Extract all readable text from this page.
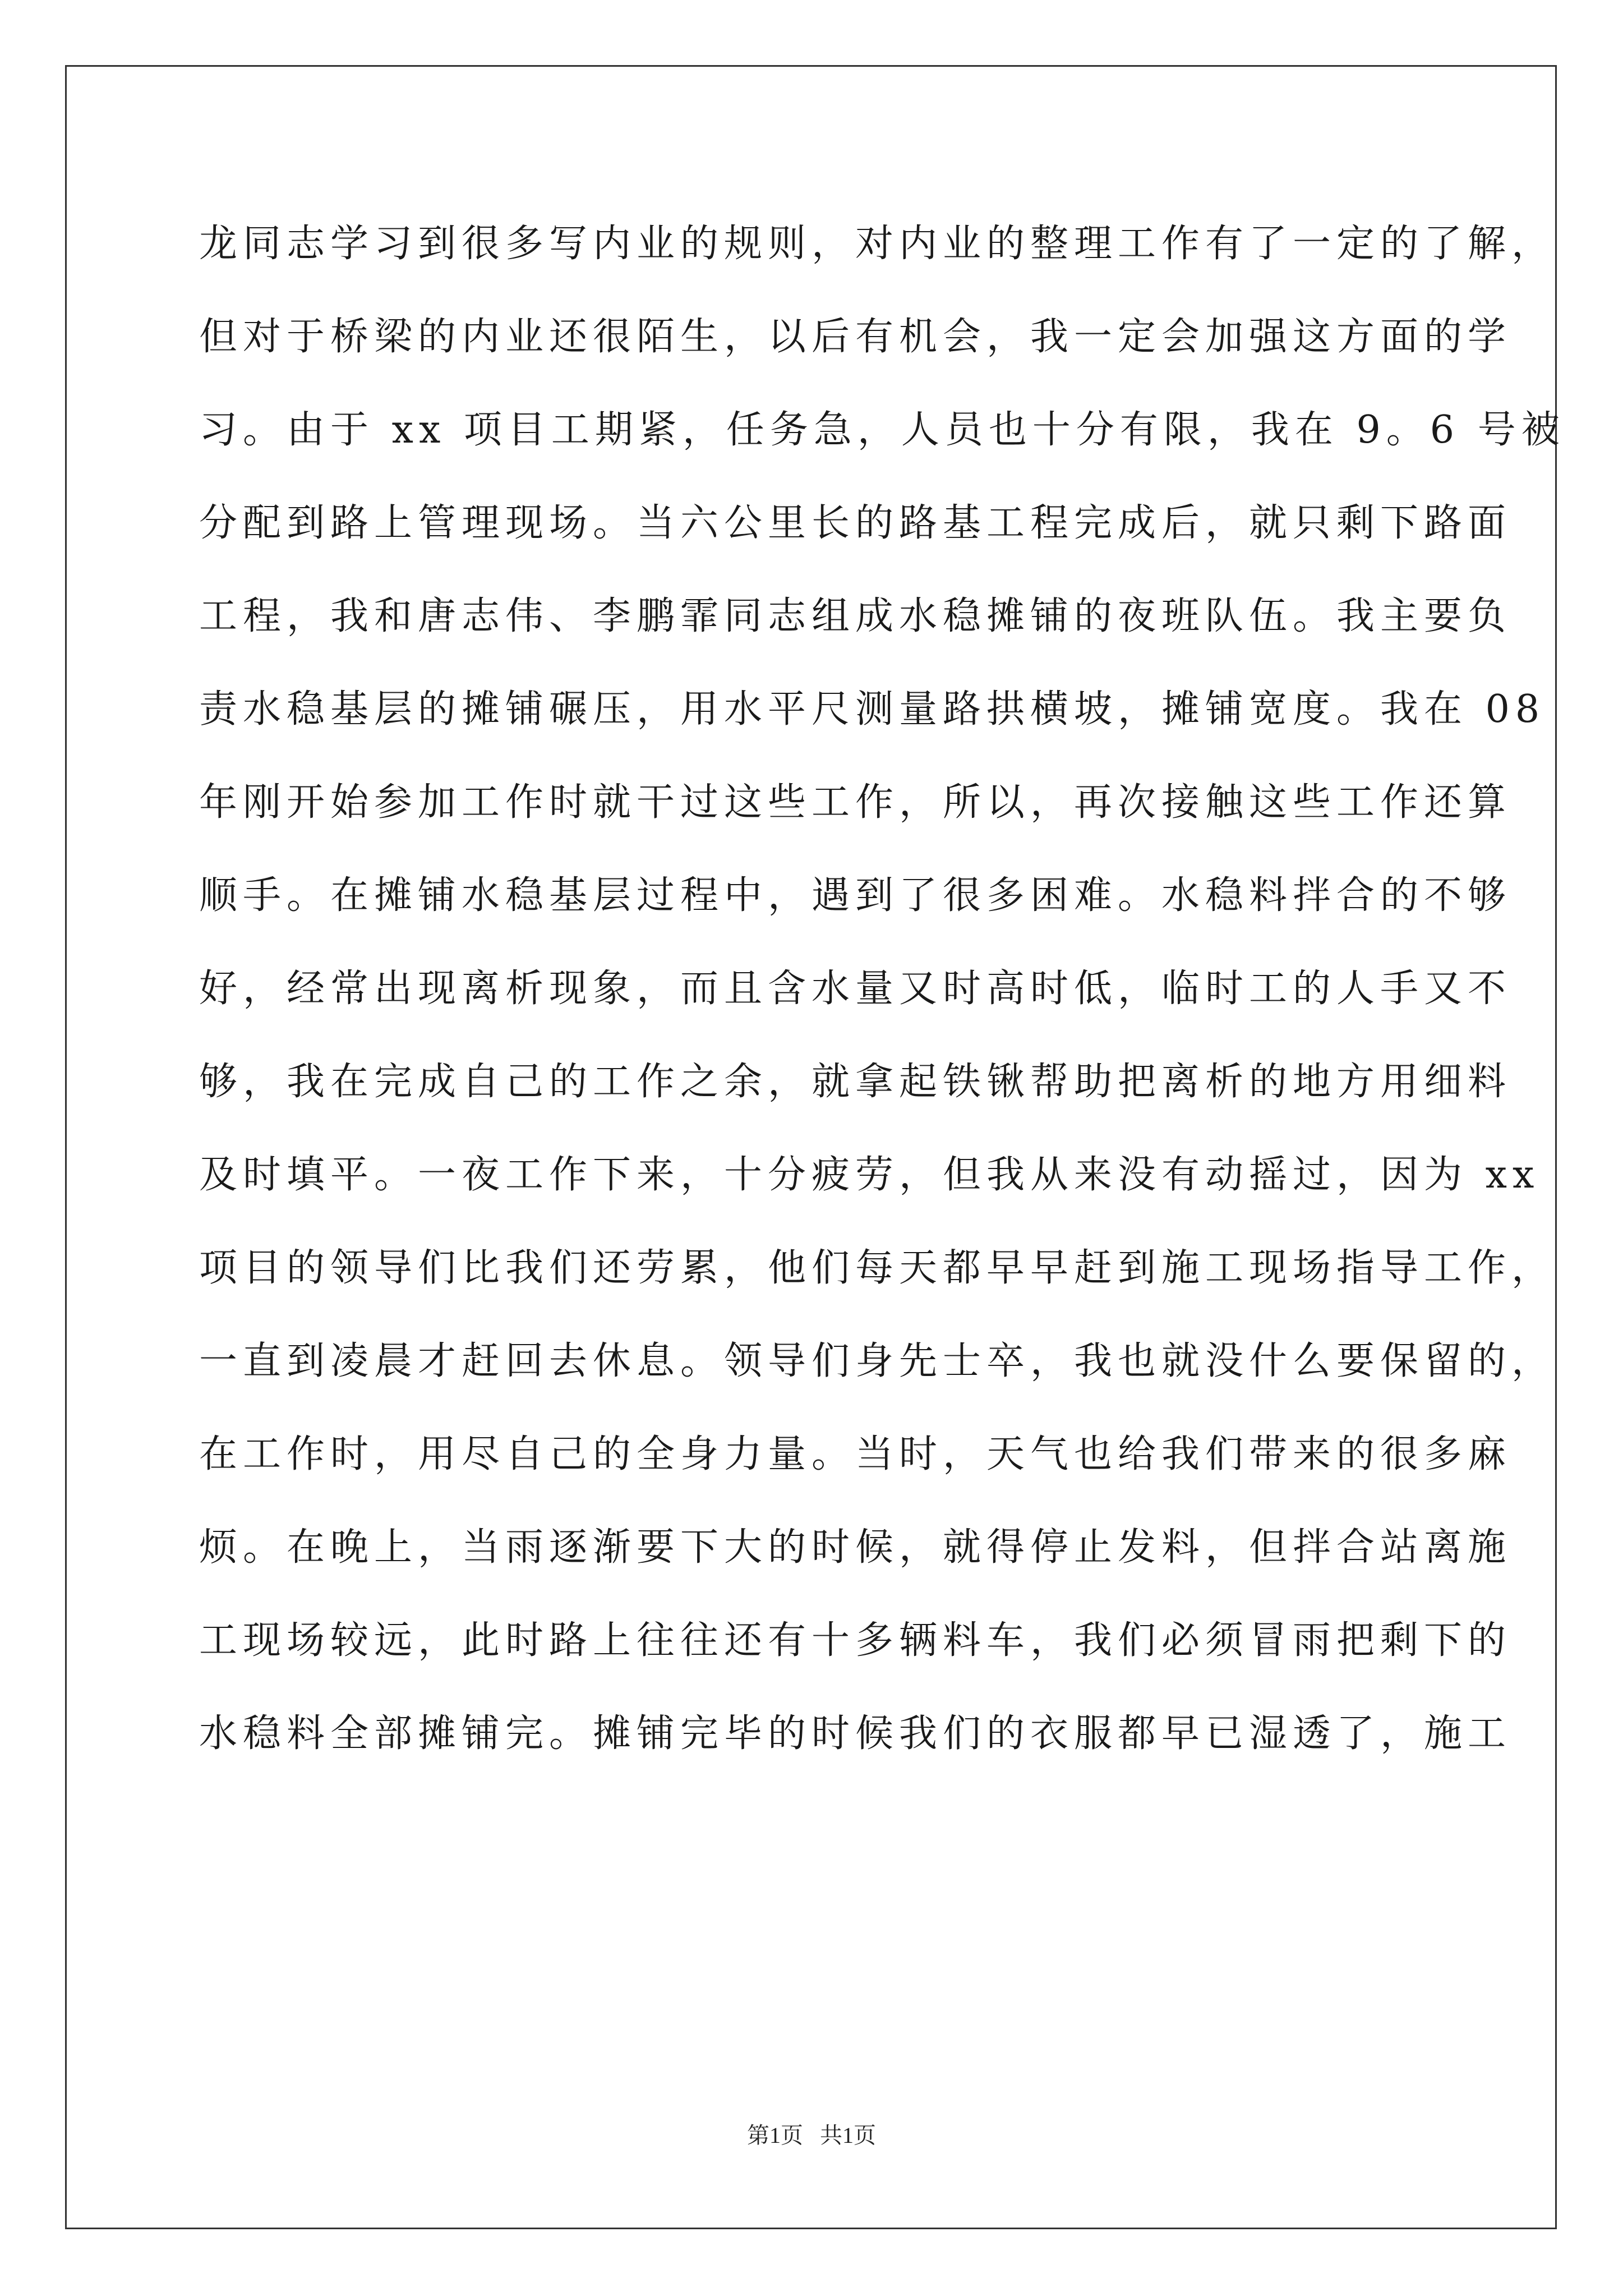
龙同志学习到很多写内业的规则，对内业的整理工作有了一定的了解，
但对于桥梁的内业还很陌生，以后有机会，我一定会加强这方面的学
习。由于 xx 项目工期紧，任务急，人员也十分有限，我在 9。6 号被
分配到路上管理现场。当六公里长的路基工程完成后，就只剩下路面
工程，我和唐志伟、李鹏霏同志组成水稳摊铺的夜班队伍。我主要负
责水稳基层的摊铺碾压，用水平尺测量路拱横坡，摊铺宽度。我在 08
年刚开始参加工作时就干过这些工作，所以，再次接触这些工作还算
顺手。在摊铺水稳基层过程中，遇到了很多困难。水稳料拌合的不够
好，经常出现离析现象，而且含水量又时高时低，临时工的人手又不
够，我在完成自己的工作之余，就拿起铁锹帮助把离析的地方用细料
及时填平。一夜工作下来，十分疲劳，但我从来没有动摇过，因为 xx
项目的领导们比我们还劳累，他们每天都早早赶到施工现场指导工作，
一直到凌晨才赶回去休息。领导们身先士卒，我也就没什么要保留的，
在工作时，用尽自己的全身力量。当时，天气也给我们带来的很多麻
烦。在晚上，当雨逐渐要下大的时候，就得停止发料，但拌合站离施
工现场较远，此时路上往往还有十多辆料车，我们必须冒雨把剩下的
水稳料全部摊铺完。摊铺完毕的时候我们的衣服都早已湿透了，施工
第1页   共1页
